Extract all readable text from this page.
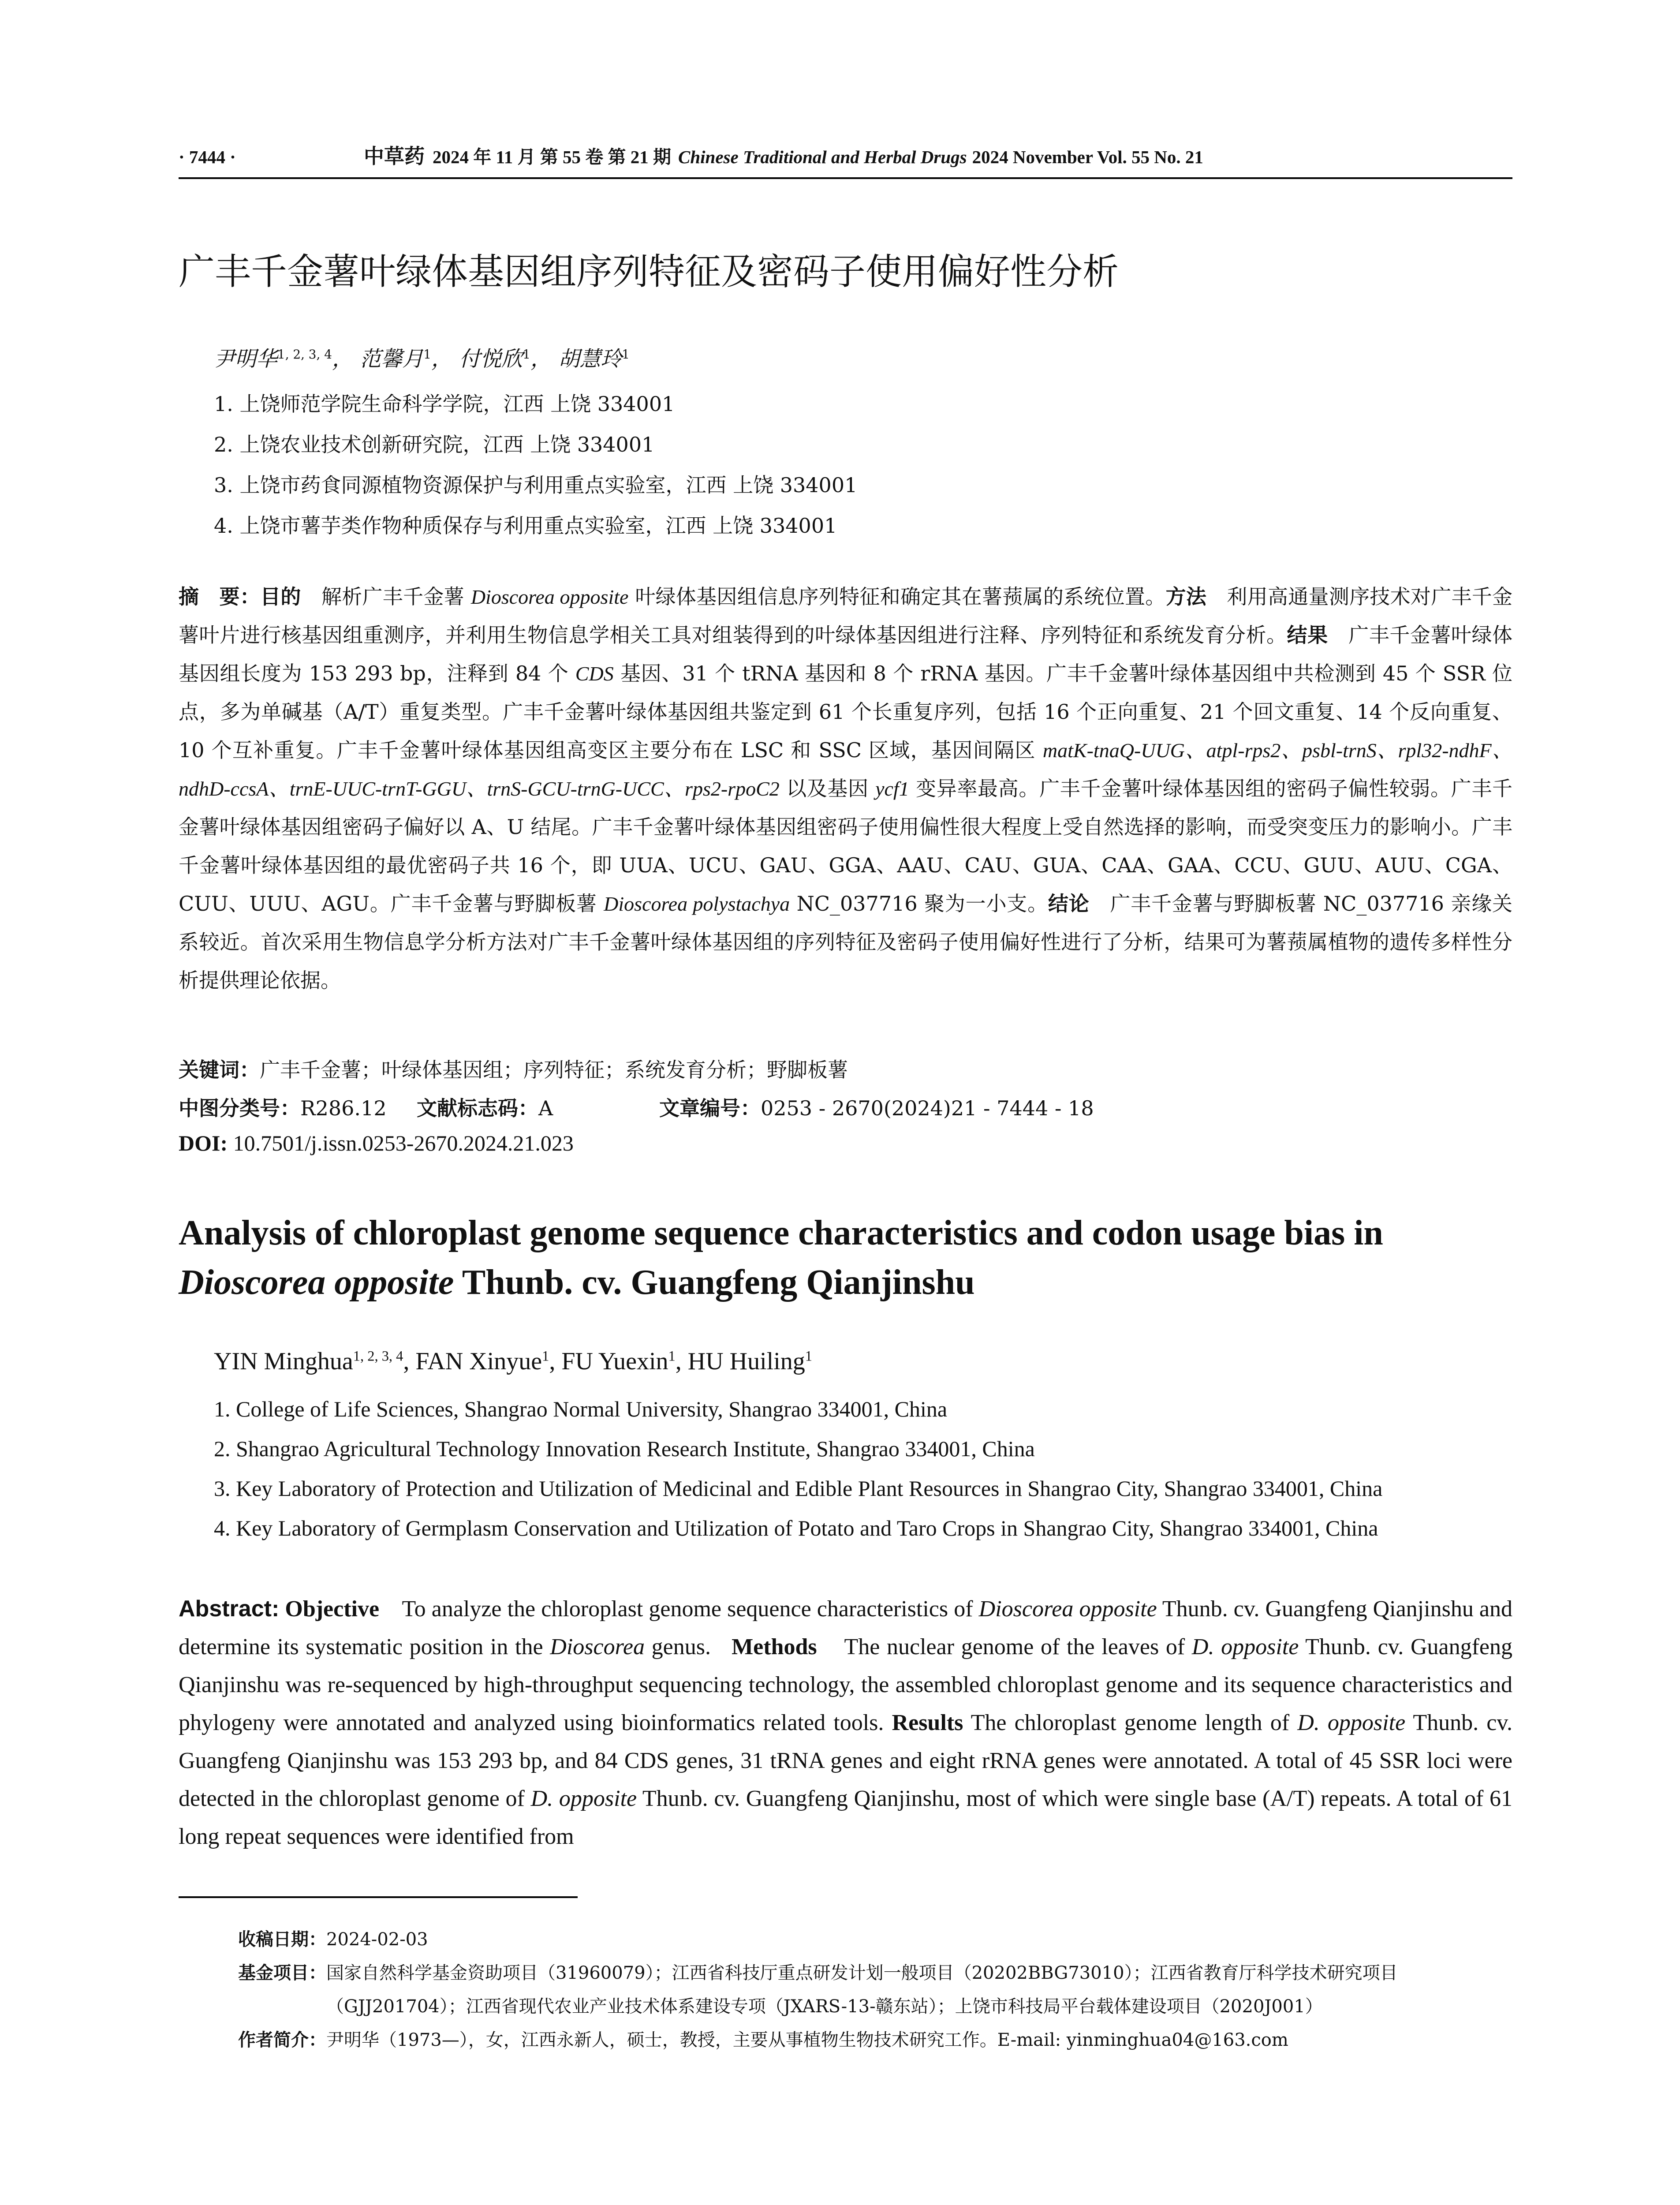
· 7444 ·	中草药 2024 年 11 月 第 55 卷 第 21 期 Chinese Traditional and Herbal Drugs 2024 November Vol. 55 No. 21
广丰千金薯叶绿体基因组序列特征及密码子使用偏好性分析
尹明华$^{1, 2, 3, 4}$， 范馨月$^1$， 付悦欣$^1$， 胡慧玲$^1$
1. 上饶师范学院生命科学学院，江西 上饶 334001
2. 上饶农业技术创新研究院，江西 上饶 334001
3. 上饶市药食同源植物资源保护与利用重点实验室，江西 上饶 334001
4. 上饶市薯芋类作物种质保存与利用重点实验室，江西 上饶 334001
摘　要：目的　 解析广丰千金薯 Dioscorea opposite 叶绿体基因组信息序列特征和确定其在薯蓣属的系统位置。方法　 利用高通量测序技术对广丰千金薯叶片进行核基因组重测序，并利用生物信息学相关工具对组装得到的叶绿体基因组进行注释、序列特征和系统发育分析。结果　 广丰千金薯叶绿体基因组长度为 153 293 bp，注释到 84 个 CDS 基因、31 个 tRNA 基因和 8 个 rRNA 基因。广丰千金薯叶绿体基因组中共检测到 45 个 SSR 位点，多为单碱基（A/T）重复类型。广丰千金薯叶绿体基因组共鉴定到 61 个长重复序列，包括 16 个正向重复、21 个回文重复、14 个反向重复、10 个互补重复。广丰千金薯叶绿体基因组高变区主要分布在 LSC 和 SSC 区域，基因间隔区 matK-tnaQ-UUG、atpl-rps2、psbl-trnS、rpl32-ndhF、ndhD-ccsA、trnE-UUC-trnT-GGU、trnS-GCU-trnG-UCC、rps2-rpoC2 以及基因 ycf1 变异率最高。广丰千金薯叶绿体基因组的密码子偏性较弱。广丰千金薯叶绿体基因组密码子偏好以 A、U 结尾。广丰千金薯叶绿体基因组密码子使用偏性很大程度上受自然选择的影响，而受突变压力的影响小。广丰千金薯叶绿体基因组的最优密码子共 16 个，即 UUA、UCU、GAU、GGA、AAU、CAU、GUA、CAA、GAA、CCU、GUU、AUU、CGA、CUU、UUU、AGU。广丰千金薯与野脚板薯 Dioscorea polystachya NC_037716 聚为一小支。结论　 广丰千金薯与野脚板薯 NC_037716 亲缘关系较近。首次采用生物信息学分析方法对广丰千金薯叶绿体基因组的序列特征及密码子使用偏好性进行了分析，结果可为薯蓣属植物的遗传多样性分析提供理论依据。
关键词：广丰千金薯；叶绿体基因组；序列特征；系统发育分析；野脚板薯
中图分类号：R286.12 文献标志码：A	文章编号：0253 - 2670(2024)21 - 7444 - 18
DOI: 10.7501/j.issn.0253-2670.2024.21.023
Analysis of chloroplast genome sequence characteristics and codon usage bias in
Dioscorea opposite Thunb. cv. Guangfeng Qianjinshu
YIN Minghua$^{1, 2, 3, 4}$, FAN Xinyue$^1$, FU Yuexin$^1$, HU Huiling$^1$
1. College of Life Sciences, Shangrao Normal University, Shangrao 334001, China
2. Shangrao Agricultural Technology Innovation Research Institute, Shangrao 334001, China
3. Key Laboratory of Protection and Utilization of Medicinal and Edible Plant Resources in Shangrao City, Shangrao 334001, China
4. Key Laboratory of Germplasm Conservation and Utilization of Potato and Taro Crops in Shangrao City, Shangrao 334001, China
Abstract: Objective To analyze the chloroplast genome sequence characteristics of Dioscorea opposite Thunb. cv. Guangfeng Qianjinshu and determine its systematic position in the Dioscorea genus. Methods The nuclear genome of the leaves of D. opposite Thunb. cv. Guangfeng Qianjinshu was re-sequenced by high-throughput sequencing technology, the assembled chloroplast genome and its sequence characteristics and phylogeny were annotated and analyzed using bioinformatics related tools. Results The chloroplast genome length of D. opposite Thunb. cv. Guangfeng Qianjinshu was 153 293 bp, and 84 CDS genes, 31 tRNA genes and eight rRNA genes were annotated. A total of 45 SSR loci were detected in the chloroplast genome of D. opposite Thunb. cv. Guangfeng Qianjinshu, most of which were single base (A/T) repeats. A total of 61 long repeat sequences were identified from
收稿日期： 2024-02-03
基金项目： 国家自然科学基金资助项目（31960079）；江西省科技厅重点研发计划一般项目（20202BBG73010）；江西省教育厅科学技术研究项目（GJJ201704）；江西省现代农业产业技术体系建设专项（JXARS-13-赣东站）；上饶市科技局平台载体建设项目（2020J001）
作者简介： 尹明华（1973—），女，江西永新人，硕士，教授，主要从事植物生物技术研究工作。E-mail: yinminghua04@163.com
